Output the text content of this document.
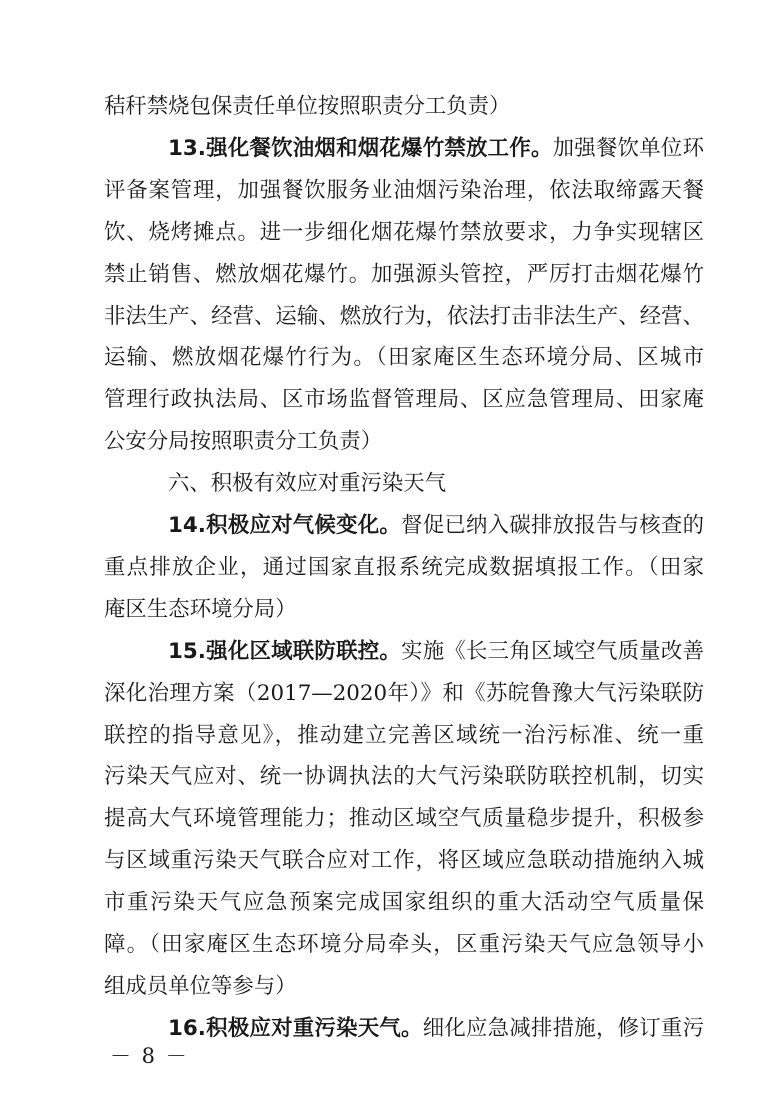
秸秆禁烧包保责任单位按照职责分工负责）
13.强化餐饮油烟和烟花爆竹禁放工作。加强餐饮单位环
评备案管理，加强餐饮服务业油烟污染治理，依法取缔露天餐
饮、烧烤摊点。进一步细化烟花爆竹禁放要求，力争实现辖区
禁止销售、燃放烟花爆竹。加强源头管控，严厉打击烟花爆竹
非法生产、经营、运输、燃放行为，依法打击非法生产、经营、
运输、燃放烟花爆竹行为。（田家庵区生态环境分局、区城市
管理行政执法局、区市场监督管理局、区应急管理局、田家庵
公安分局按照职责分工负责）
六、积极有效应对重污染天气
14.积极应对气候变化。督促已纳入碳排放报告与核查的
重点排放企业，通过国家直报系统完成数据填报工作。（田家
庵区生态环境分局）
15.强化区域联防联控。实施《长三角区域空气质量改善
深化治理方案（2017—2020年）》和《苏皖鲁豫大气污染联防
联控的指导意见》，推动建立完善区域统一治污标准、统一重
污染天气应对、统一协调执法的大气污染联防联控机制，切实
提高大气环境管理能力；推动区域空气质量稳步提升，积极参
与区域重污染天气联合应对工作，将区域应急联动措施纳入城
市重污染天气应急预案完成国家组织的重大活动空气质量保
障。（田家庵区生态环境分局牵头，区重污染天气应急领导小
组成员单位等参与）
16.积极应对重污染天气。细化应急减排措施，修订重污
－ 8 －
